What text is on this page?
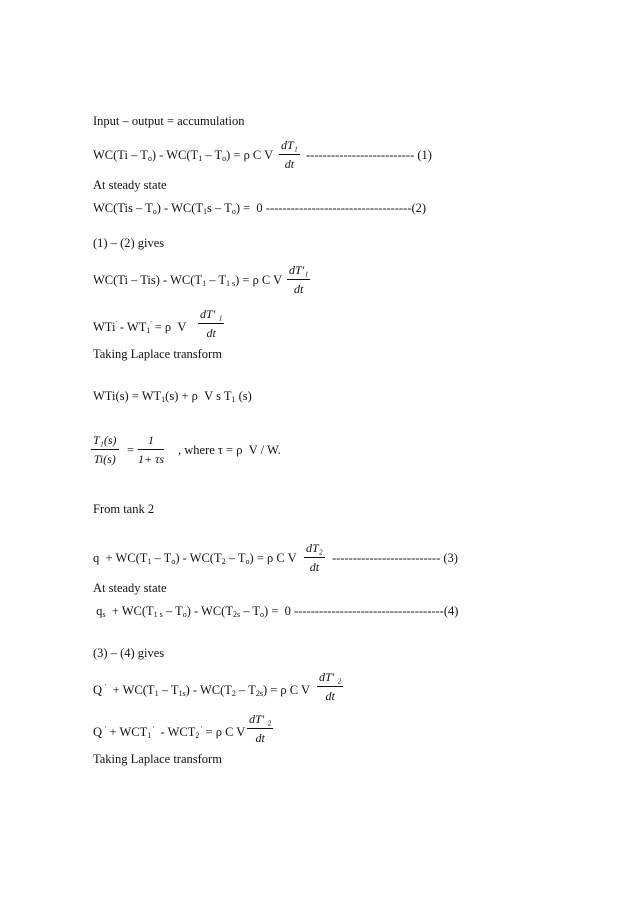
Input – output = accumulation
$WC(Ti - T_o) - WC(T_1 - T_o) = \rho$ C V $\frac{\text{dT₁}}{dt}$ -------------------------- (1)
At steady state
$WC(Tis - T_o) - WC(T_1s - T_o) = 0$ -----------------------------------(2)
(1) – (2) gives
$WC(Ti - Tis) - WC(T_1 - T_{1 s}) = \rho$ C V $\frac{\text{dT'₁}}{dt}$
$WTi' - WT_1' = \rho$  V $\frac{\text{dT' ₁}}{dt}$
Taking Laplace transform
$WTi(s) = WT_1(s) + \rho$  V s $T_1$ (s)
$\frac{\text{T₁(s)}}{Ti(s)} = \frac{1}{1+ \tau s}$ , where τ = ρ  V / W.
From tank 2
$q + WC(T_1 - T_o) - WC(T_2 - T_o) = \rho$ C V $\frac{\text{dT₂}}{dt}$ -------------------------- (3)
At steady state
$q_s + WC(T_{1 s} - T_o) - WC(T_{2s} - T_o) = 0$ ------------------------------------(4)
(3) – (4) gives
Q $' + WC(T_1 - T_{1s}) - WC(T_2 - T_{2s}) = \rho$ C V $\frac{\text{dT' ₂}}{dt}$
Q $' + WCT_1$ $' - WCT_2$ ' = ρ C V $\frac{\text{dT' ₂}}{dt}$
Taking Laplace transform
